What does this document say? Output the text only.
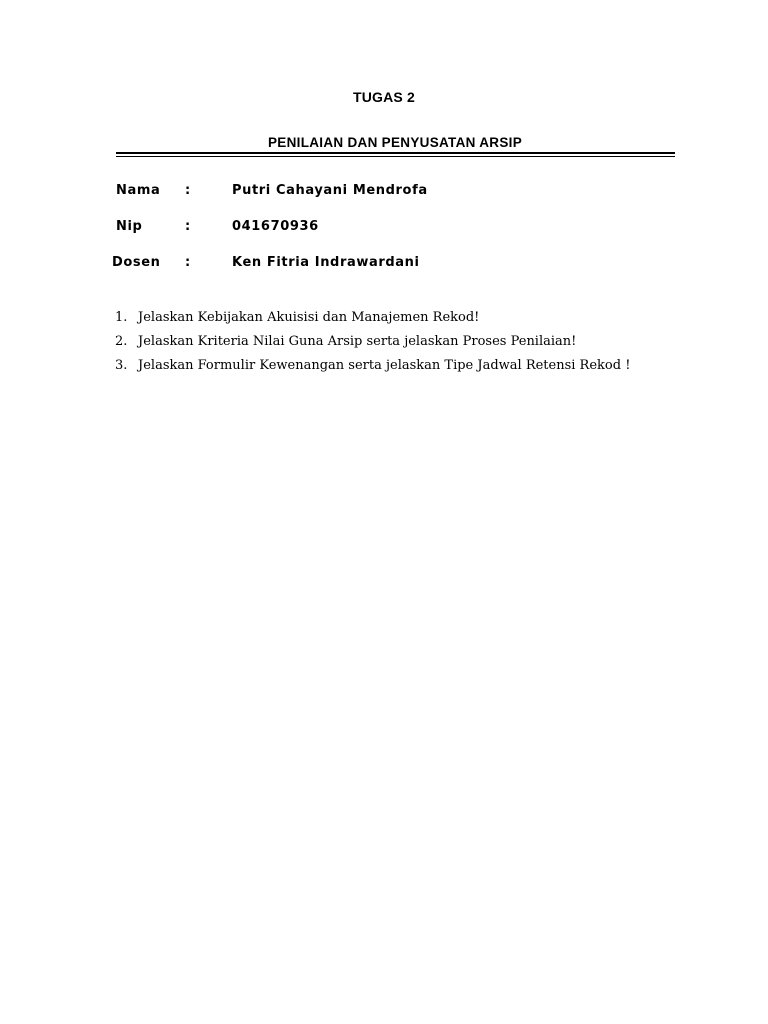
TUGAS 2
PENILAIAN DAN PENYUSATAN ARSIP
Nama :	Putri Cahayani Mendrofa
Nip	:	041670936
Dosen :	Ken Fitria Indrawardani
1. Jelaskan Kebijakan Akuisisi dan Manajemen Rekod!
2. Jelaskan Kriteria Nilai Guna Arsip serta jelaskan Proses Penilaian!
3. Jelaskan Formulir Kewenangan serta jelaskan Tipe Jadwal Retensi Rekod !
